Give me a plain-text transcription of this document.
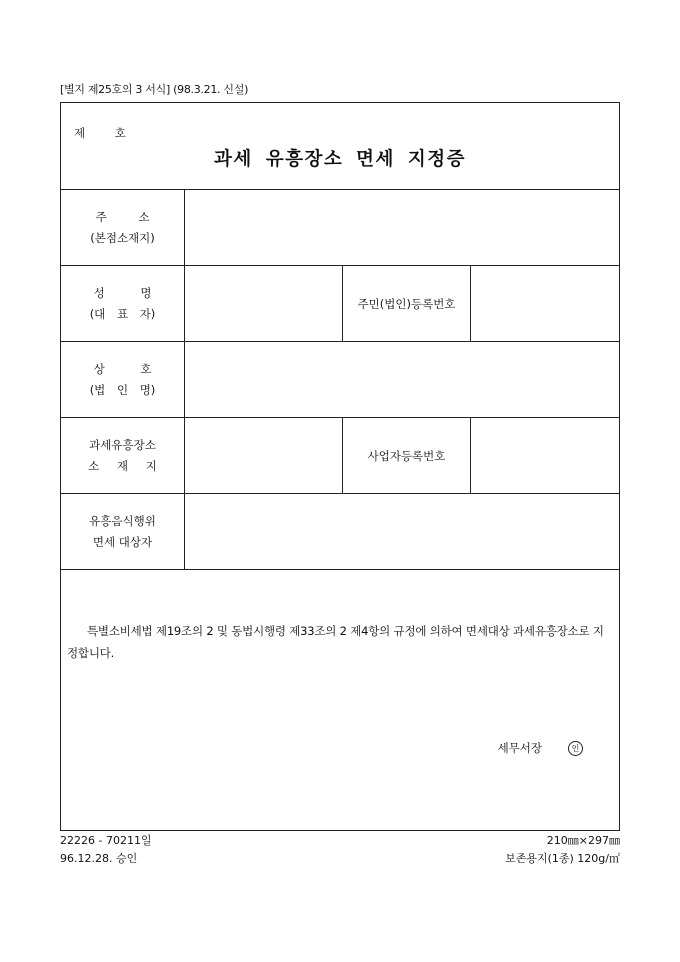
[별지 제25호의 3 서식] (98.3.21. 신설)
제 호
과세 유흥장소 면세 지정증
주 소
(본점소재지)
성 명
(대 표 자)
주민(법인)등록번호
상 호
(법 인 명)
과세유흥장소
소 재 지
사업자등록번호
유흥음식행위
면세 대상자
특별소비세법 제19조의 2 및 동법시행령 제33조의 2 제4항의 규정에 의하여 면세대상 과세유흥장소로 지정합니다.
세무서장	인
22226 - 70211일
96.12.28. 승인
210㎜×297㎜
보존용지(1종) 120g/㎡
